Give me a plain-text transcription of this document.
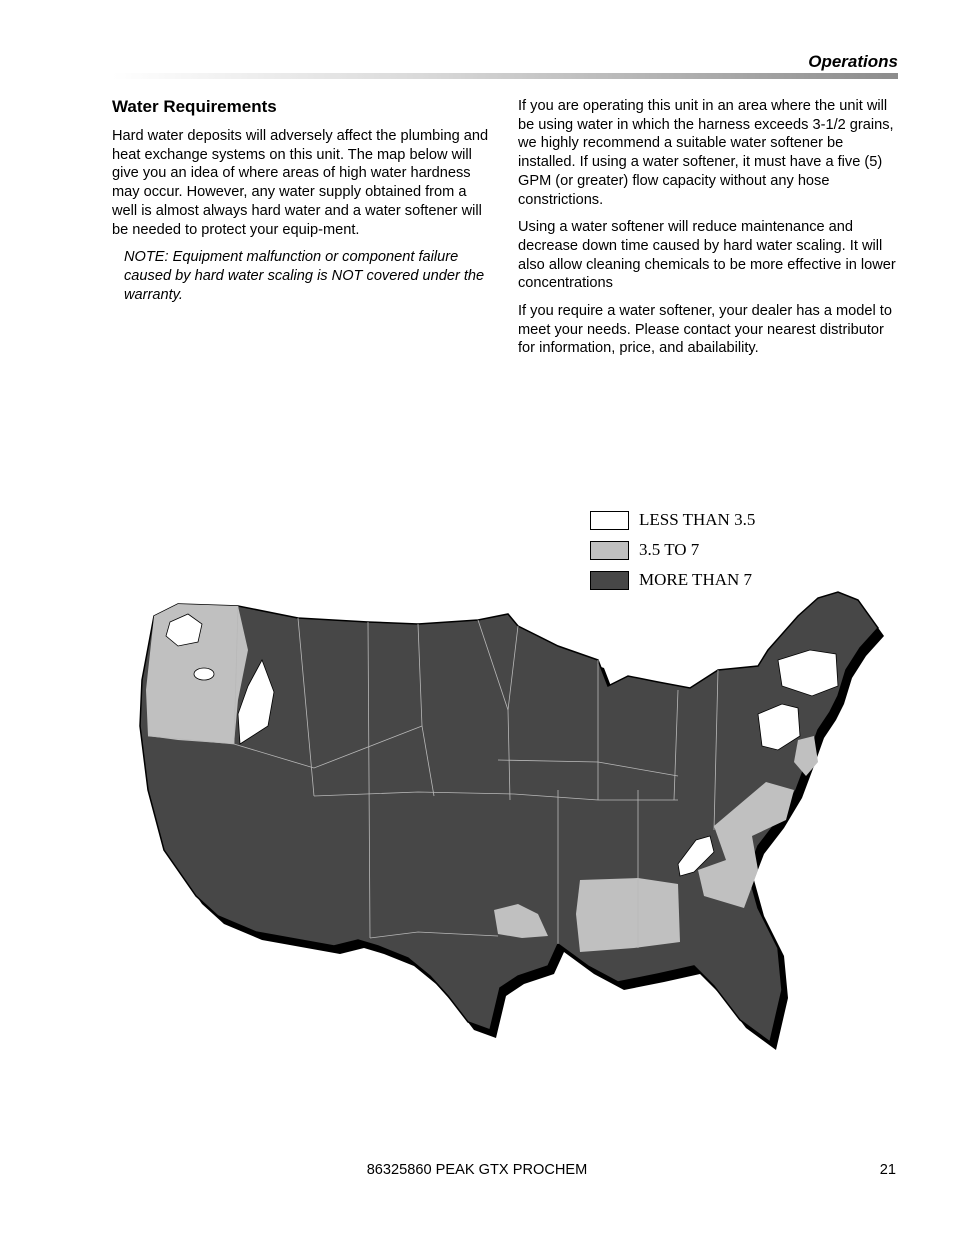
Operations
Water Requirements

Hard water deposits will adversely affect the plumbing and heat exchange systems on this unit. The map below will give you an idea of where areas of high water hardness may occur. However, any water supply obtained from a well is almost always hard water and a water softener will be needed to protect your equip-ment.

NOTE: Equipment malfunction or component failure caused by hard water scaling is NOT covered under the warranty.

If you are operating this unit in an area where the unit will be using water in which the harness exceeds 3-1/2 grains, we highly recommend a suitable water softener be installed. If using a water softener, it must have a five (5) GPM (or greater) flow capacity without any hose constrictions.

Using a water softener will reduce maintenance and decrease down time caused by hard water scaling. It will also allow cleaning chemicals to be more effective in lower concentrations

If you require a water softener, your dealer has a model to meet your needs. Please contact your nearest distributor for information, price, and abailability.

LESS THAN 3.5
3.5 TO 7
MORE THAN 7
86325860 PEAK GTX PROCHEM	21
